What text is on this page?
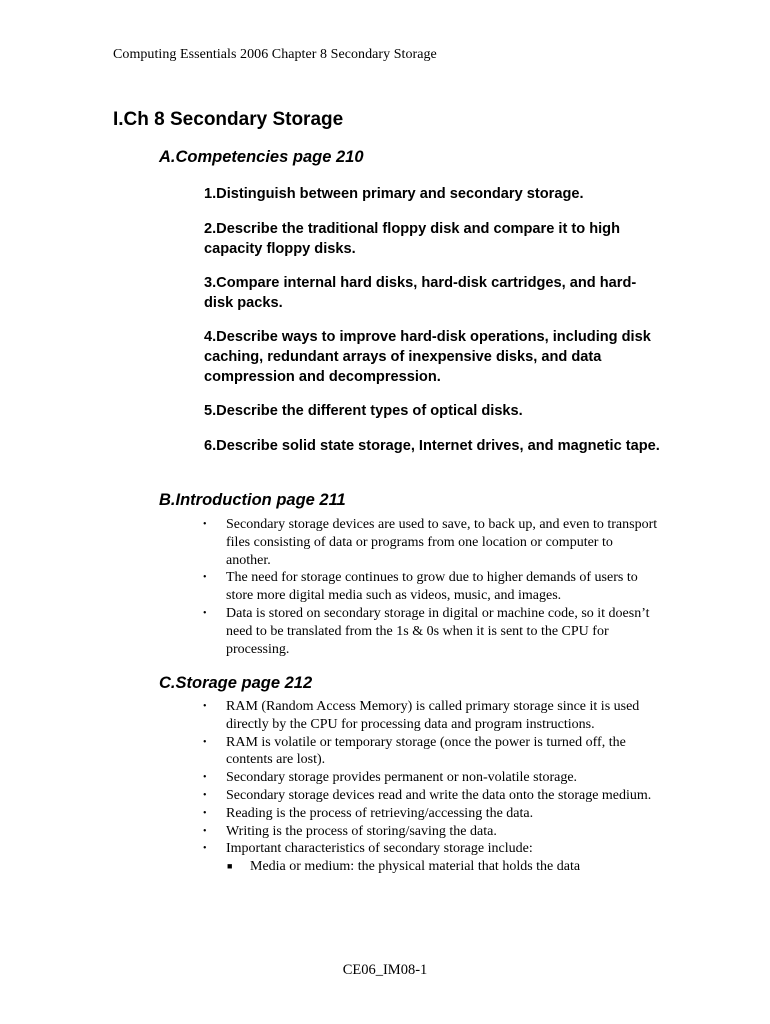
Computing Essentials 2006 Chapter 8 Secondary Storage
I.Ch 8 Secondary Storage
A.Competencies page 210

1.Distinguish between primary and secondary storage.

2.Describe the traditional floppy disk and compare it to high capacity floppy disks.

3.Compare internal hard disks, hard-disk cartridges, and hard-disk packs.

4.Describe ways to improve hard-disk operations, including disk caching, redundant arrays of inexpensive disks, and data compression and decompression.

5.Describe the different types of optical disks.

6.Describe solid state storage, Internet drives, and magnetic tape.

B.Introduction page 211
• Secondary storage devices are used to save, to back up, and even to transport files consisting of data or programs from one location or computer to another.
• The need for storage continues to grow due to higher demands of users to store more digital media such as videos, music, and images.
• Data is stored on secondary storage in digital or machine code, so it doesn’t need to be translated from the 1s & 0s when it is sent to the CPU for processing.
C.Storage page 212
• RAM (Random Access Memory) is called primary storage since it is used directly by the CPU for processing data and program instructions.
• RAM is volatile or temporary storage (once the power is turned off, the contents are lost).
• Secondary storage provides permanent or non-volatile storage.
• Secondary storage devices read and write the data onto the storage medium.
• Reading is the process of retrieving/accessing the data.
• Writing is the process of storing/saving the data.
• Important characteristics of secondary storage include:
■ Media or medium: the physical material that holds the data
CE06_IM08-1
